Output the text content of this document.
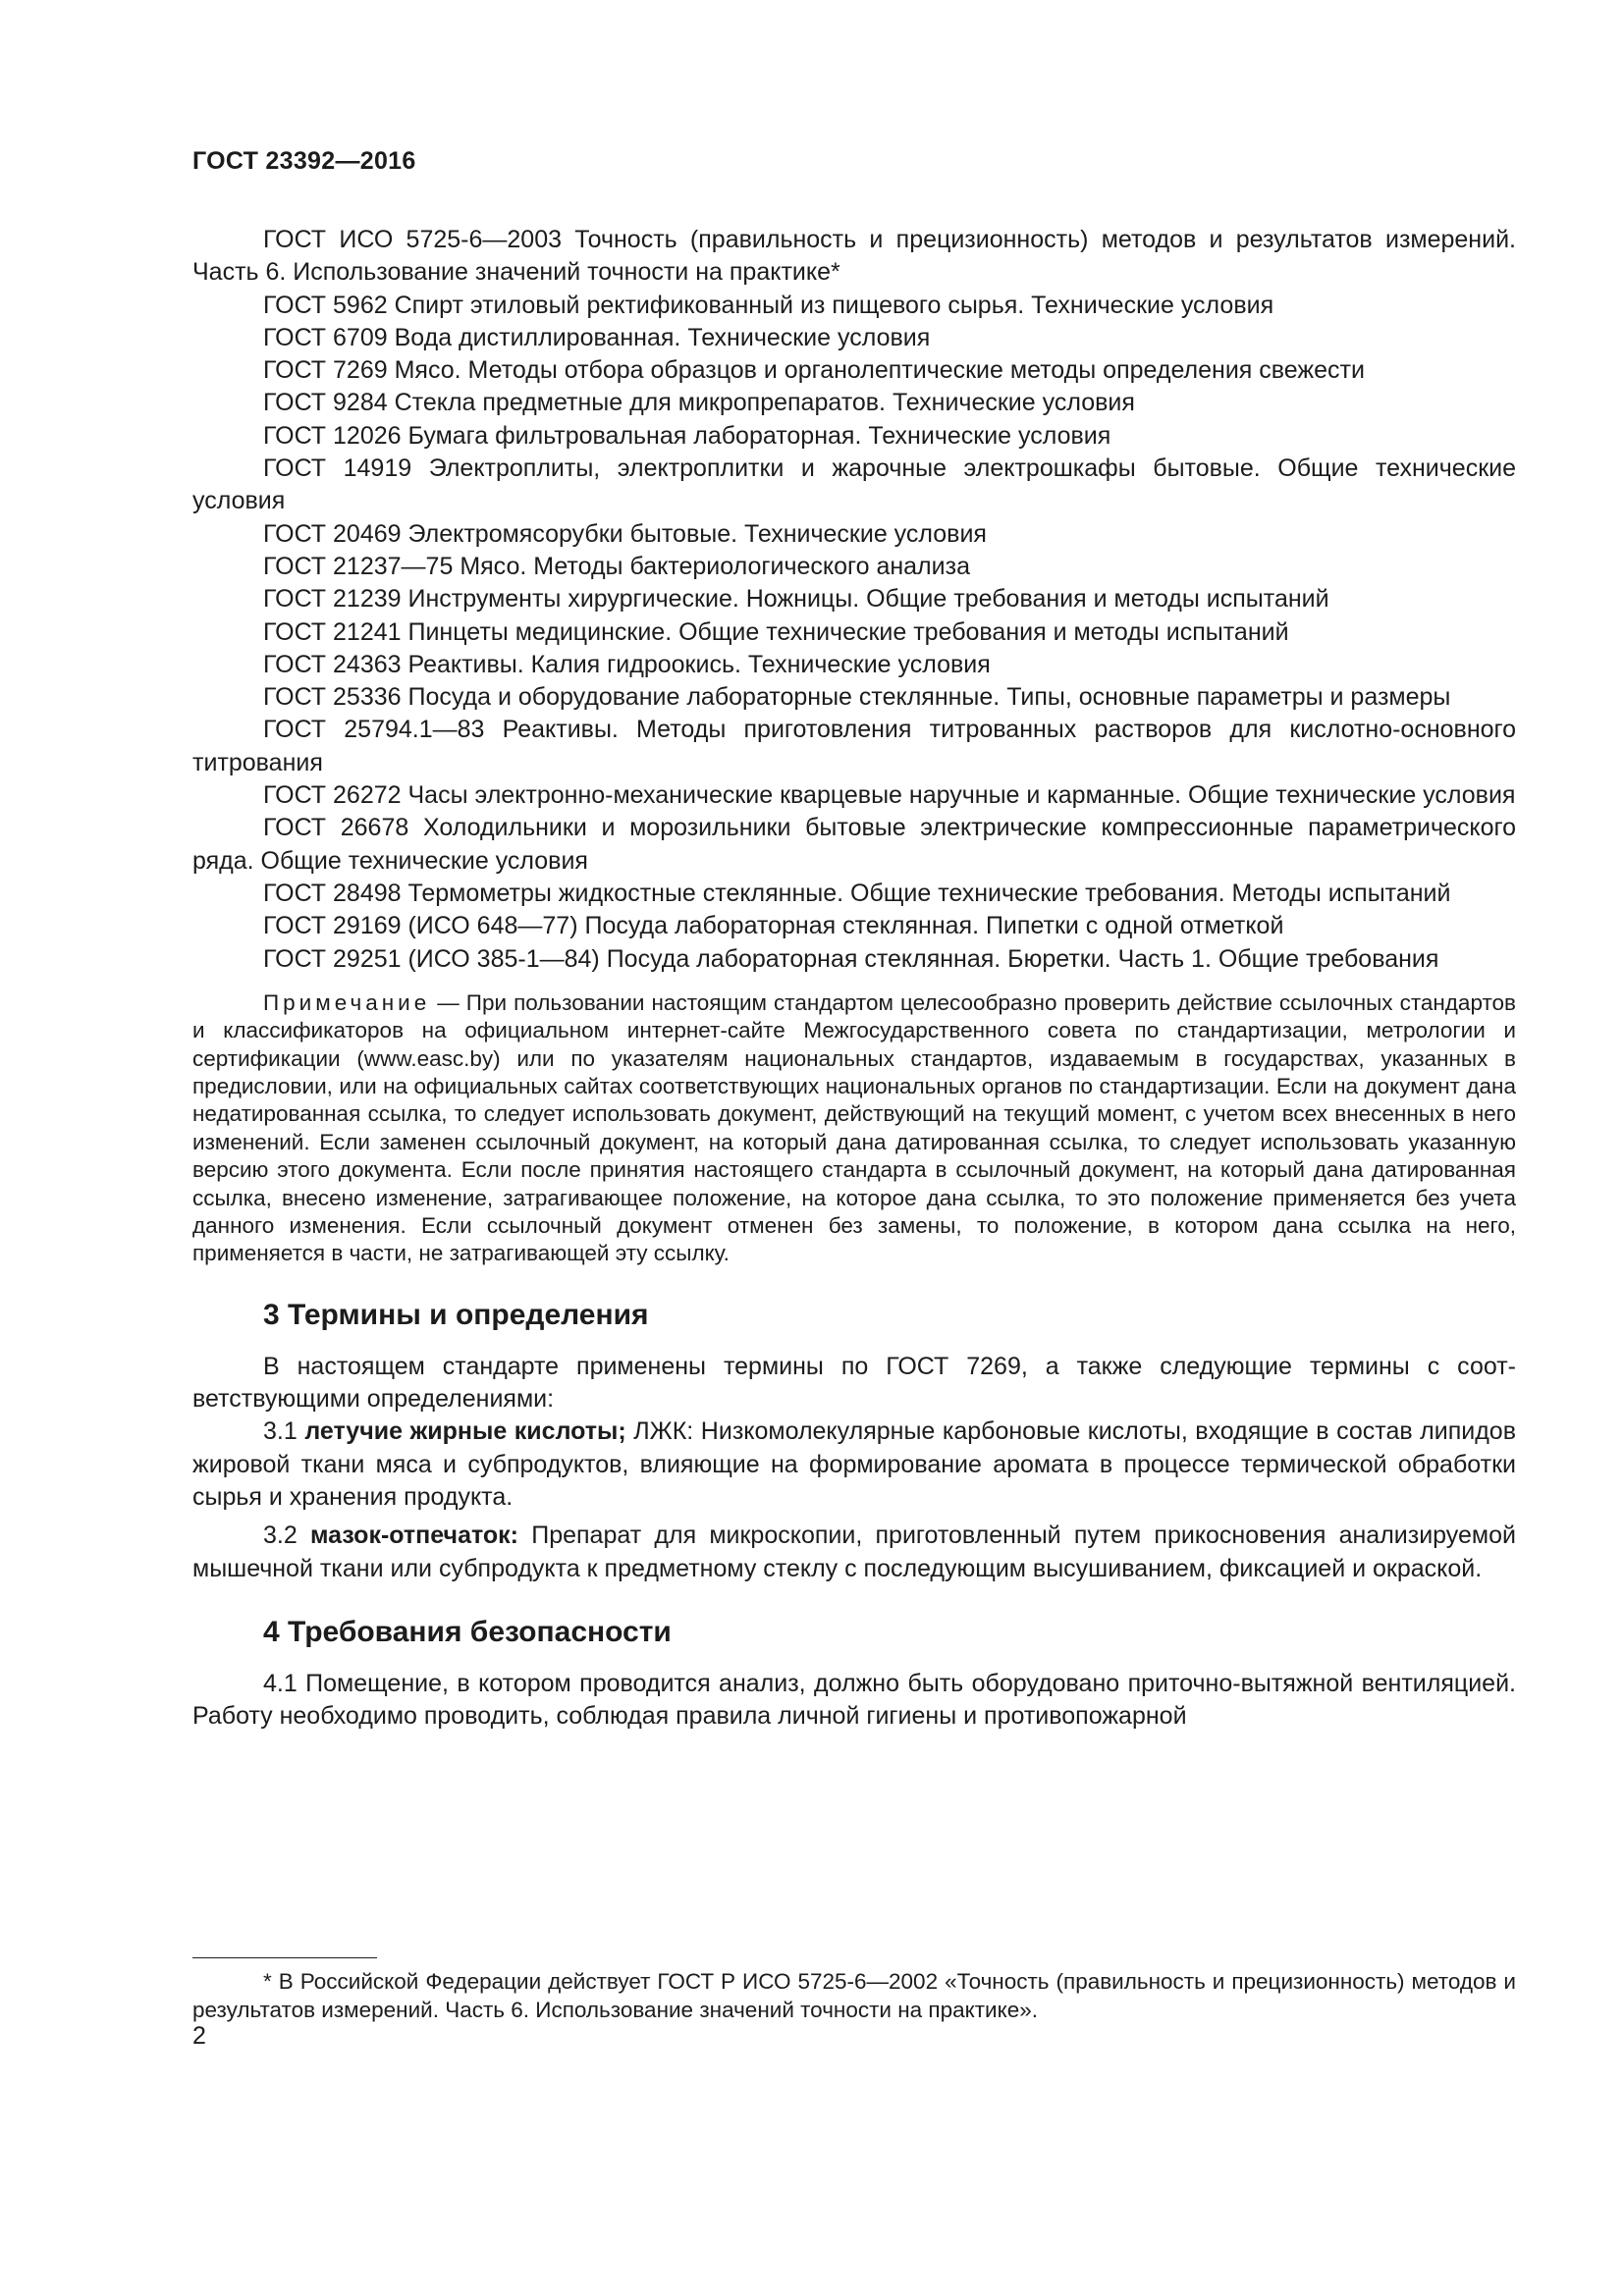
ГОСТ 23392—2016

ГОСТ ИСО 5725-6—2003 Точность (правильность и прецизионность) методов и результатов измерений. Часть 6. Использование значений точности на практике*

ГОСТ 5962 Спирт этиловый ректификованный из пищевого сырья. Технические условия

ГОСТ 6709 Вода дистиллированная. Технические условия

ГОСТ 7269 Мясо. Методы отбора образцов и органолептические методы определения свежести

ГОСТ 9284 Стекла предметные для микропрепаратов. Технические условия

ГОСТ 12026 Бумага фильтровальная лабораторная. Технические условия

ГОСТ 14919 Электроплиты, электроплитки и жарочные электрошкафы бытовые. Общие технические условия

ГОСТ 20469 Электромясорубки бытовые. Технические условия

ГОСТ 21237—75 Мясо. Методы бактериологического анализа

ГОСТ 21239 Инструменты хирургические. Ножницы. Общие требования и методы испытаний

ГОСТ 21241 Пинцеты медицинские. Общие технические требования и методы испытаний

ГОСТ 24363 Реактивы. Калия гидроокись. Технические условия

ГОСТ 25336 Посуда и оборудование лабораторные стеклянные. Типы, основные параметры и размеры

ГОСТ 25794.1—83 Реактивы. Методы приготовления титрованных растворов для кислотно-основного титрования

ГОСТ 26272 Часы электронно-механические кварцевые наручные и карманные. Общие технические условия

ГОСТ 26678 Холодильники и морозильники бытовые электрические компрессионные параметрического ряда. Общие технические условия

ГОСТ 28498 Термометры жидкостные стеклянные. Общие технические требования. Методы испытаний

ГОСТ 29169 (ИСО 648—77) Посуда лабораторная стеклянная. Пипетки с одной отметкой

ГОСТ 29251 (ИСО 385-1—84) Посуда лабораторная стеклянная. Бюретки. Часть 1. Общие требования

Примечание — При пользовании настоящим стандартом целесообразно проверить действие ссылочных стандартов и классификаторов на официальном интернет-сайте Межгосударственного совета по стандартизации, метрологии и сертификации (www.easc.by) или по указателям национальных стандартов, издаваемым в государствах, указанных в предисловии, или на официальных сайтах соответствующих национальных органов по стандартизации. Если на документ дана недатированная ссылка, то следует использовать документ, действующий на текущий момент, с учетом всех внесенных в него изменений. Если заменен ссылочный документ, на который дана датированная ссылка, то следует использовать указанную версию этого документа. Если после принятия настоящего стандарта в ссылочный документ, на который дана датированная ссылка, внесено изменение, затрагивающее положение, на которое дана ссылка, то это положение применяется без учета данного изменения. Если ссылочный документ отменен без замены, то положение, в котором дана ссылка на него, применяется в части, не затрагивающей эту ссылку.

3 Термины и определения

В настоящем стандарте применены термины по ГОСТ 7269, а также следующие термины с соответствующими определениями:

3.1 летучие жирные кислоты; ЛЖК: Низкомолекулярные карбоновые кислоты, входящие в состав липидов жировой ткани мяса и субпродуктов, влияющие на формирование аромата в процессе термической обработки сырья и хранения продукта.

3.2 мазок-отпечаток: Препарат для микроскопии, приготовленный путем прикосновения анализируемой мышечной ткани или субпродукта к предметному стеклу с последующим высушиванием, фиксацией и окраской.

4 Требования безопасности

4.1 Помещение, в котором проводится анализ, должно быть оборудовано приточно-вытяжной вентиляцией. Работу необходимо проводить, соблюдая правила личной гигиены и противопожарной

* В Российской Федерации действует ГОСТ Р ИСО 5725-6—2002 «Точность (правильность и прецизионность) методов и результатов измерений. Часть 6. Использование значений точности на практике».

2
